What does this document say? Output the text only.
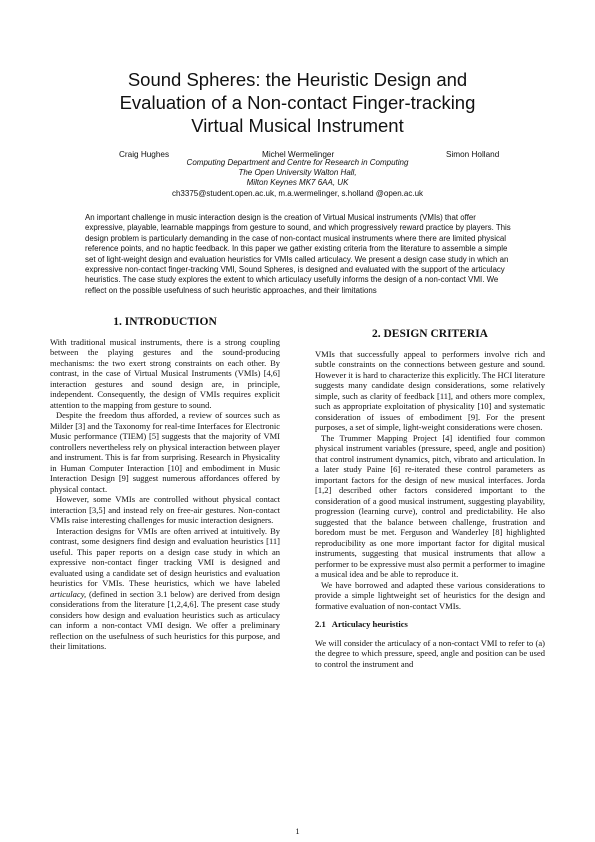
Sound Spheres: the Heuristic Design and
Evaluation of a Non-contact Finger-tracking
Virtual Musical Instrument
Craig Hughes	Michel Wermelinger	Simon Holland
Computing Department and Centre for Research in Computing
The Open University Walton Hall,
Milton Keynes MK7 6AA, UK
ch3375@student.open.ac.uk, m.a.wermelinger, s.holland @open.ac.uk

An important challenge in music interaction design is the creation of Virtual Musical instruments (VMIs) that offer expressive, playable, learnable mappings from gesture to sound, and which progressively reward practice by players. This design problem is particularly demanding in the case of non-contact musical instruments where there are limited physical reference points, and no haptic feedback. In this paper we gather existing criteria from the literature to assemble a simple set of light-weight design and evaluation heuristics for VMIs called articulacy. We present a design case study in which an expressive non-contact finger-tracking VMI, Sound Spheres, is designed and evaluated with the support of the articulacy heuristics. The case study explores the extent to which articulacy usefully informs the design of a non-contact VMI. We reflect on the possible usefulness of such heuristic approaches, and their limitations

1. INTRODUCTION

With traditional musical instruments, there is a strong coupling between the playing gestures and the sound-producing mechanisms: the two exert strong constraints on each other. By contrast, in the case of Virtual Musical Instruments (VMIs) [4,6] interaction gestures and sound design are, in principle, independent. Consequently, the design of VMIs requires explicit attention to the mapping from gesture to sound.

Despite the freedom thus afforded, a review of sources such as Milder [3] and the Taxonomy for real-time Interfaces for Electronic Music performance (TIEM) [5] suggests that the majority of VMI controllers nevertheless rely on physical interaction between player and instrument. This is far from surprising. Research in Physicality in Human Computer Interaction [10] and embodiment in Music Interaction Design [9] suggest numerous affordances offered by physical contact.

However, some VMIs are controlled without physical contact interaction [3,5] and instead rely on free-air gestures. Non-contact VMIs raise interesting challenges for music interaction designers.

Interaction designs for VMIs are often arrived at intuitively. By contrast, some designers find design and evaluation heuristics [11] useful. This paper reports on a design case study in which an expressive non-contact finger tracking VMI is designed and evaluated using a candidate set of design heuristics and evaluation heuristics for VMIs. These heuristics, which we have labeled articulacy, (defined in section 3.1 below) are derived from design considerations from the literature [1,2,4,6]. The present case study considers how design and evaluation heuristics such as articulacy can inform a non-contact VMI design. We offer a preliminary reflection on the usefulness of such heuristics for this purpose, and their limitations.

2. DESIGN CRITERIA

VMIs that successfully appeal to performers involve rich and subtle constraints on the connections between gesture and sound. However it is hard to characterize this explicitly. The HCI literature suggests many candidate design considerations, some relatively simple, such as clarity of feedback [11], and others more complex, such as appropriate exploitation of physicality [10] and systematic consideration of issues of embodiment [9]. For the present purposes, a set of simple, light-weight considerations were chosen.

The Trummer Mapping Project [4] identified four common physical instrument variables (pressure, speed, angle and position) that control instrument dynamics, pitch, vibrato and articulation. In a later study Paine [6] re-iterated these control parameters as important factors for the design of new musical interfaces. Jorda [1,2] described other factors considered important to the consideration of a good musical instrument, suggesting playability, progression (learning curve), control and predictability. He also suggested that the balance between challenge, frustration and boredom must be met. Ferguson and Wanderley [8] highlighted reproducibility as one more important factor for digital musical instruments, suggesting that musical instruments that allow a performer to be expressive must also permit a performer to imagine a musical idea and be able to reproduce it.

We have borrowed and adapted these various considerations to provide a simple lightweight set of heuristics for the design and formative evaluation of non-contact VMIs.

2.1 Articulacy heuristics

We will consider the articulacy of a non-contact VMI to refer to (a) the degree to which pressure, speed, angle and position can be used to control the instrument and

1
